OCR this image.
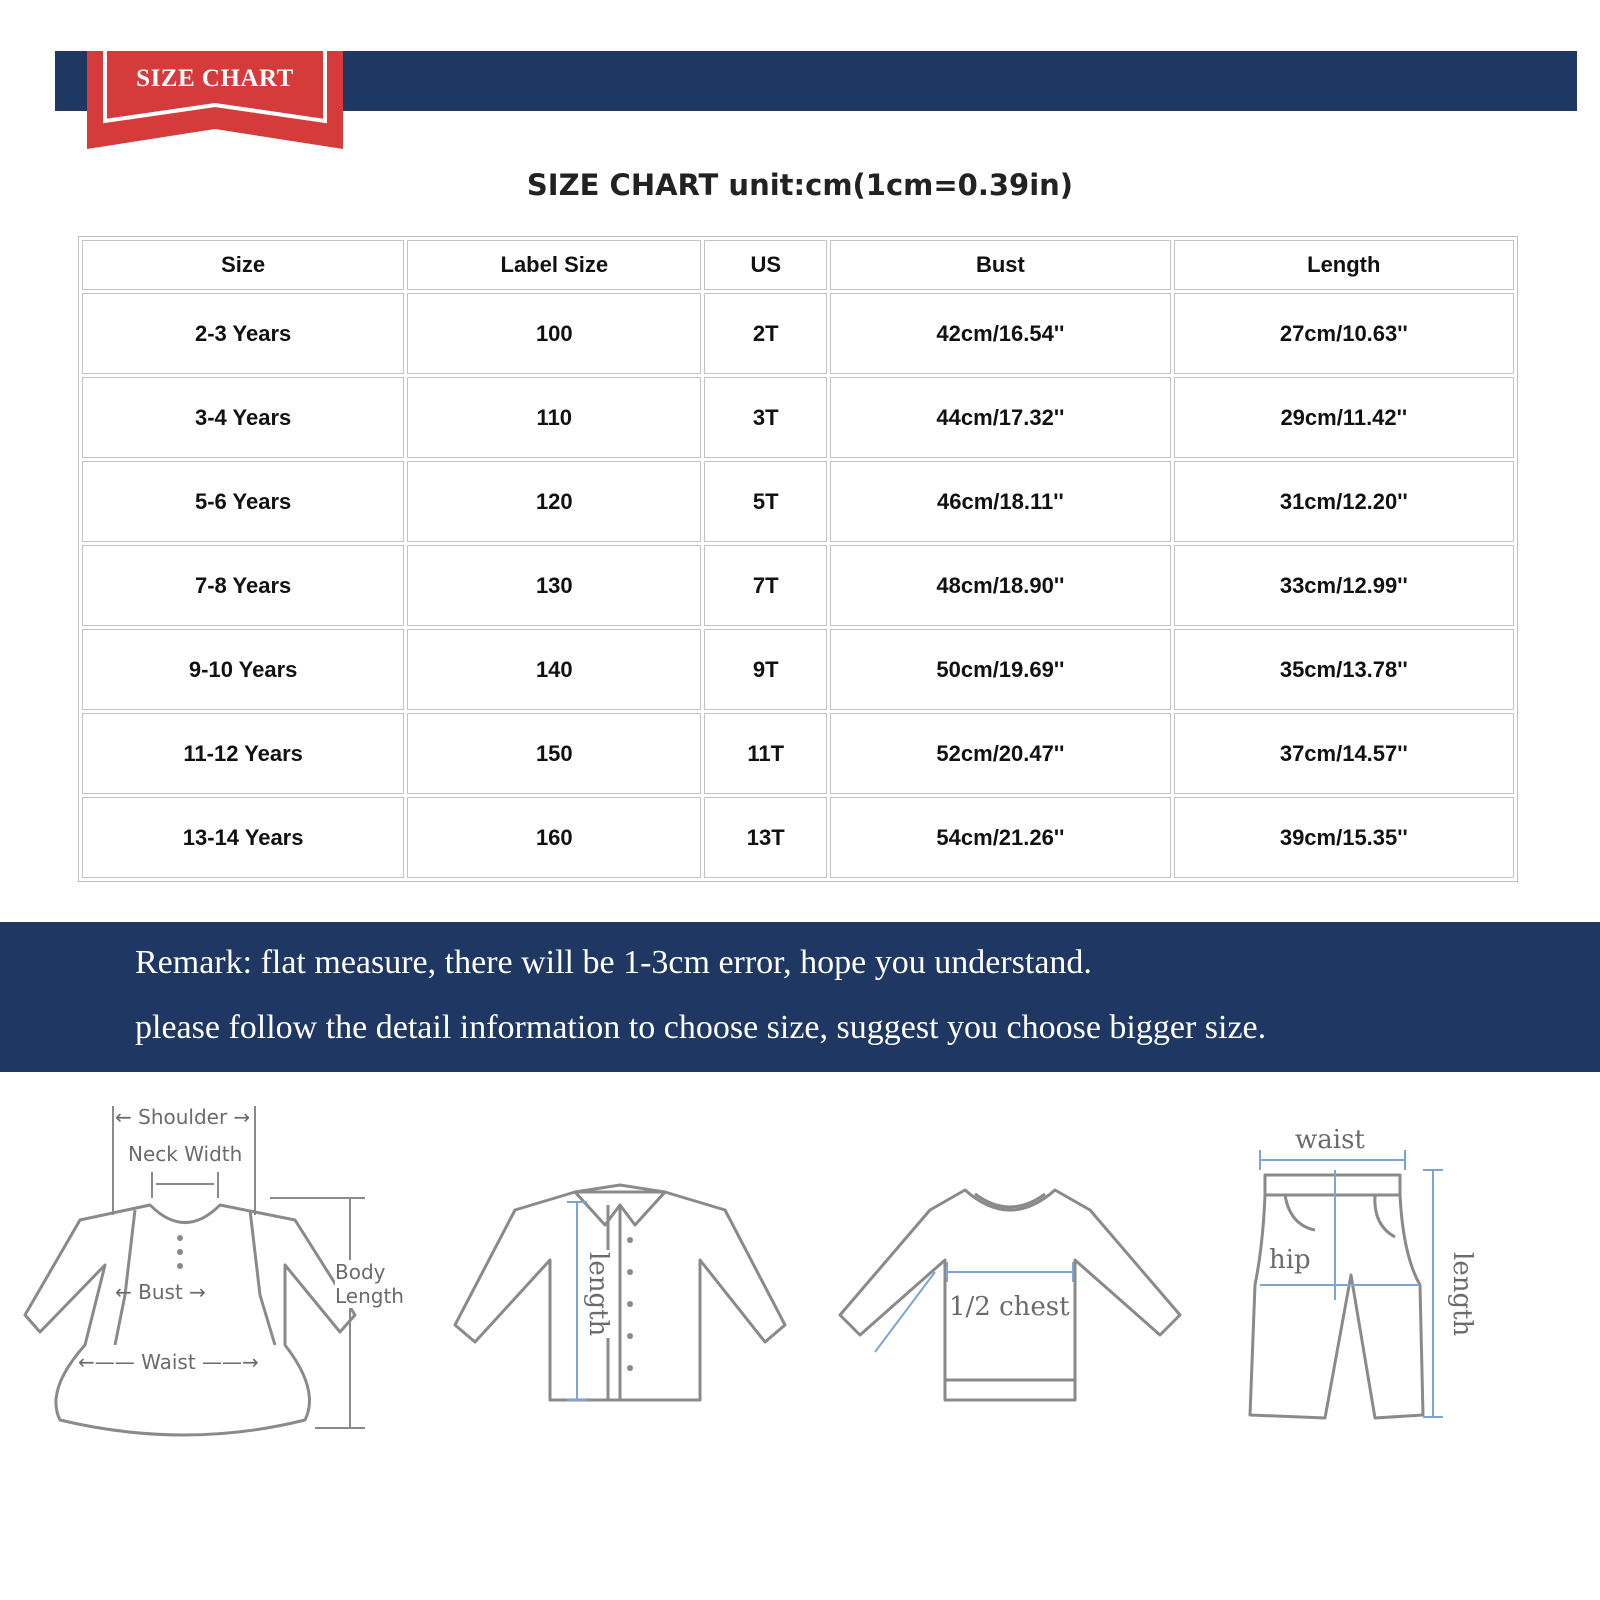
SIZE CHART
SIZE CHART unit:cm(1cm=0.39in)
Size	Label Size	US	Bust	Length
2-3 Years	100	2T	42cm/16.54''	27cm/10.63''
3-4 Years	110	3T	44cm/17.32''	29cm/11.42''
5-6 Years	120	5T	46cm/18.11''	31cm/12.20''
7-8 Years	130	7T	48cm/18.90''	33cm/12.99''
9-10 Years	140	9T	50cm/19.69''	35cm/13.78''
11-12 Years	150	11T	52cm/20.47''	37cm/14.57''
13-14 Years	160	13T	54cm/21.26''	39cm/15.35''
Remark: flat measure, there will be 1-3cm error, hope you understand.
please follow the detail information to choose size, suggest you choose bigger size.
← Shoulder →
Neck Width
← Bust →
←—— Waist ——→
Body
Length	length	1/2 chest
waist
hip	length
